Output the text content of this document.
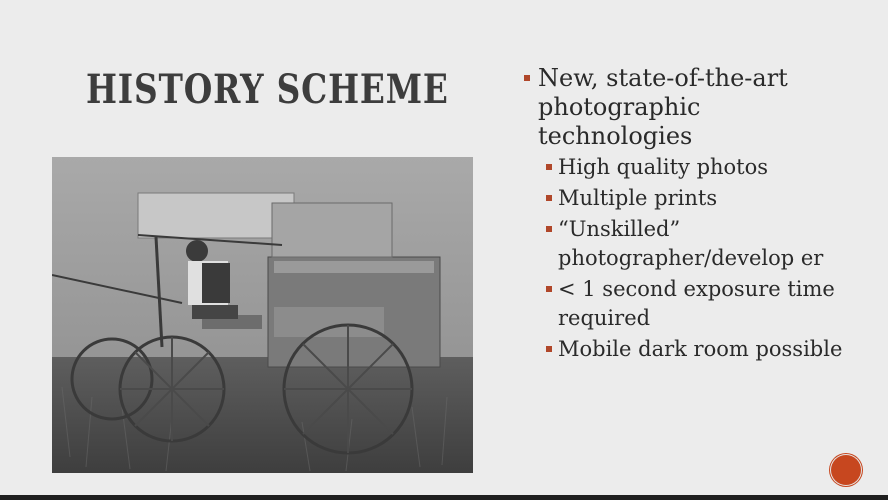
HISTORY SCHEME	New, state-of-the-art photographic technologies
High quality photos
Multiple prints
“Unskilled” photographer/develop er
< 1 second exposure time required
Mobile dark room possible
